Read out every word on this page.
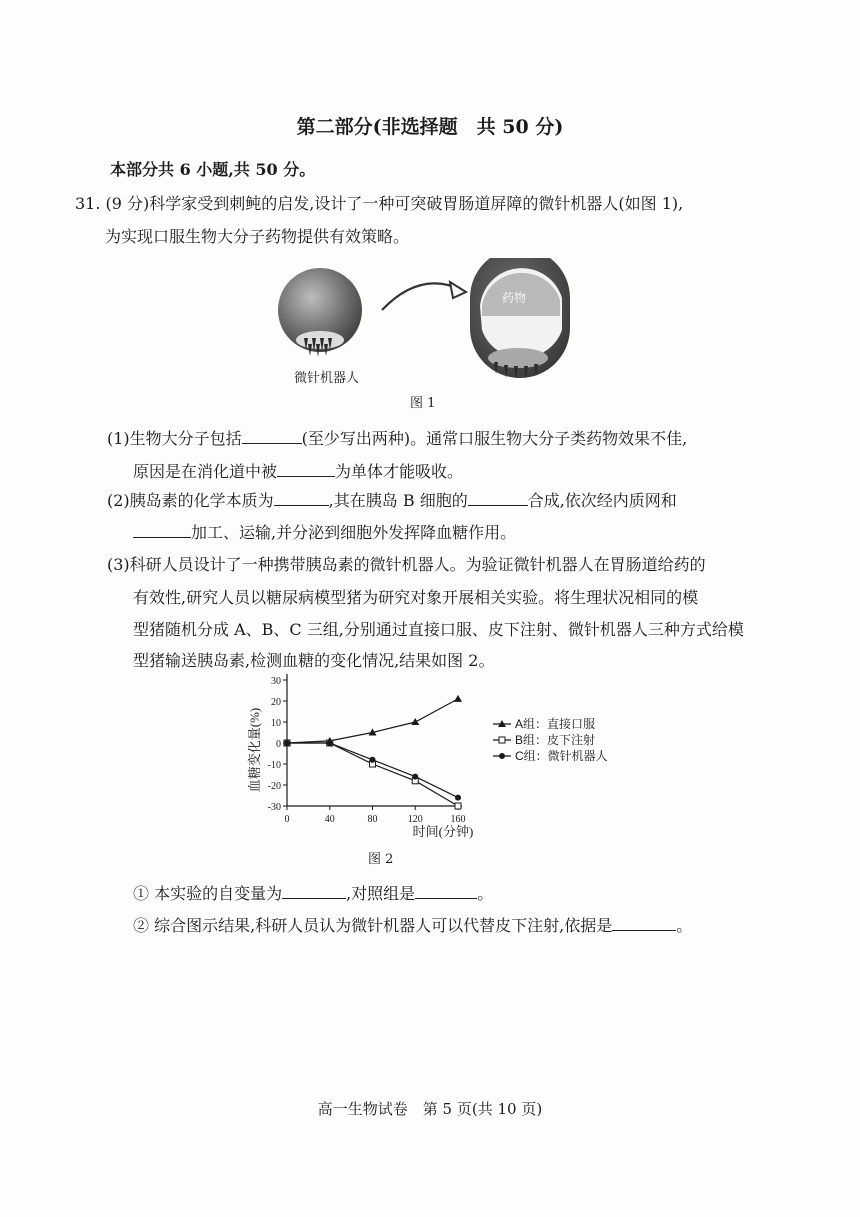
第二部分(非选择题　共 50 分)
本部分共 6 小题,共 50 分。
31. (9 分)科学家受到刺鲀的启发,设计了一种可突破胃肠道屏障的微针机器人(如图 1),
为实现口服生物大分子药物提供有效策略。
药物
微针机器人
图 1
(1)生物大分子包括	(至少写出两种)。通常口服生物大分子类药物效果不佳,
原因是在消化道中被	为单体才能吸收。
(2)胰岛素的化学本质为	,其在胰岛 B 细胞的	合成,依次经内质网和
加工、运输,并分泌到细胞外发挥降血糖作用。
(3)科研人员设计了一种携带胰岛素的微针机器人。为验证微针机器人在胃肠道给药的
有效性,研究人员以糖尿病模型猪为研究对象开展相关实验。将生理状况相同的模
型猪随机分成 A、B、C 三组,分别通过直接口服、皮下注射、微针机器人三种方式给模
型猪输送胰岛素,检测血糖的变化情况,结果如图 2。
血糖变化量(%)
时间(分钟)
30
20
10
0
-10
-20
-30
0	40	80	120	160
A组：直接口服
B组：皮下注射
C组：微针机器人
图 2
① 本实验的自变量为	,对照组是	。
② 综合图示结果,科研人员认为微针机器人可以代替皮下注射,依据是	。
高一生物试卷　第 5 页(共 10 页)
